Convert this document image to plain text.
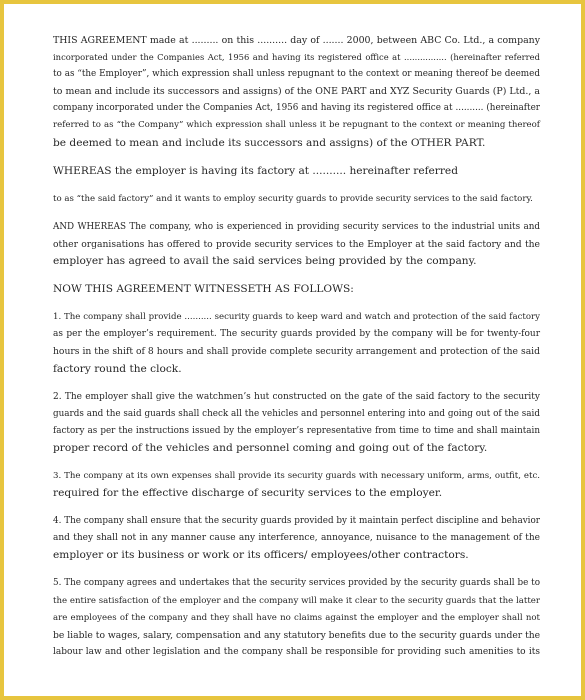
THIS AGREEMENT made at ......... on this .......... day of ....... 2000, between ABC Co. Ltd., a company
incorporated under the Companies Act, 1956 and having its registered office at ................ (hereinafter referred
to as “the Employer”, which expression shall unless repugnant to the context or meaning thereof be deemed
to mean and include its successors and assigns) of the ONE PART and XYZ Security Guards (P) Ltd., a
company incorporated under the Companies Act, 1956 and having its registered office at .......... (hereinafter
referred to as “the Company” which expression shall unless it be repugnant to the context or meaning thereof
be deemed to mean and include its successors and assigns) of the OTHER PART.
WHEREAS the employer is having its factory at .......... hereinafter referred
to as “the said factory” and it wants to employ security guards to provide security services to the said factory.
AND WHEREAS The company, who is experienced in providing security services to the industrial units and
other organisations has offered to provide security services to the Employer at the said factory and the
employer has agreed to avail the said services being provided by the company.
NOW THIS AGREEMENT WITNESSETH AS FOLLOWS:
1. The company shall provide .......... security guards to keep ward and watch and protection of the said factory
as per the employer’s requirement. The security guards provided by the company will be for twenty-four
hours in the shift of 8 hours and shall provide complete security arrangement and protection of the said
factory round the clock.
2. The employer shall give the watchmen’s hut constructed on the gate of the said factory to the security
guards and the said guards shall check all the vehicles and personnel entering into and going out of the said
factory as per the instructions issued by the employer’s representative from time to time and shall maintain
proper record of the vehicles and personnel coming and going out of the factory.
3. The company at its own expenses shall provide its security guards with necessary uniform, arms, outfit, etc.
required for the effective discharge of security services to the employer.
4. The company shall ensure that the security guards provided by it maintain perfect discipline and behavior
and they shall not in any manner cause any interference, annoyance, nuisance to the management of the
employer or its business or work or its officers/ employees/other contractors.
5. The company agrees and undertakes that the security services provided by the security guards shall be to
the entire satisfaction of the employer and the company will make it clear to the security guards that the latter
are employees of the company and they shall have no claims against the employer and the employer shall not
be liable to wages, salary, compensation and any statutory benefits due to the security guards under the
labour law and other legislation and the company shall be responsible for providing such amenities to its
